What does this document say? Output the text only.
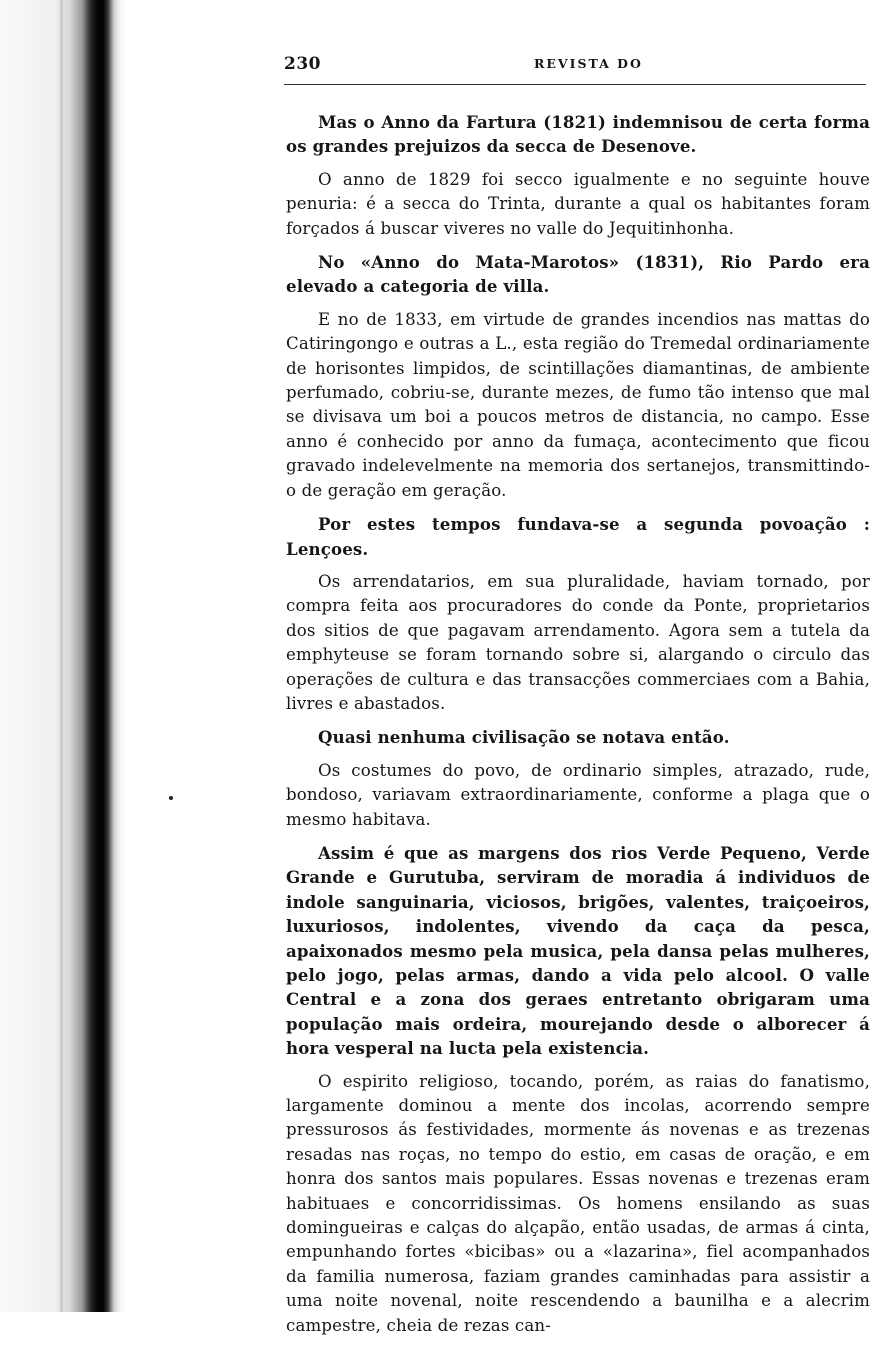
230	REVISTA DO

Mas o Anno da Fartura (1821) indemnisou de certa forma os grandes prejuizos da secca de Desenove.

O anno de 1829 foi secco igualmente e no seguinte houve penuria: é a secca do Trinta, durante a qual os habitantes foram forçados á buscar viveres no valle do Jequitinhonha.

No «Anno do Mata-Marotos» (1831), Rio Pardo era elevado a categoria de villa.

E no de 1833, em virtude de grandes incendios nas mattas do Catiringongo e outras a L., esta região do Tremedal ordinariamente de horisontes limpidos, de scintillações diamantinas, de ambiente perfumado, cobriu-se, durante mezes, de fumo tão intenso que mal se divisava um boi a poucos metros de distancia, no campo. Esse anno é conhecido por anno da fumaça, acontecimento que ficou gravado indelevelmente na memoria dos sertanejos, transmittindo-o de geração em geração.

Por estes tempos fundava-se a segunda povoação : Lençoes.

Os arrendatarios, em sua pluralidade, haviam tornado, por compra feita aos procuradores do conde da Ponte, proprietarios dos sitios de que pagavam arrendamento. Agora sem a tutela da emphyteuse se foram tornando sobre si, alargando o circulo das operações de cultura e das transacções commerciaes com a Bahia, livres e abastados.

Quasi nenhuma civilisação se notava então.

Os costumes do povo, de ordinario simples, atrazado, rude, bondoso, variavam extraordinariamente, conforme a plaga que o mesmo habitava.

Assim é que as margens dos rios Verde Pequeno, Verde Grande e Gurutuba, serviram de moradia á individuos de indole sanguinaria, viciosos, brigões, valentes, traiçoeiros, luxuriosos, indolentes, vivendo da caça da pesca, apaixonados mesmo pela musica, pela dansa pelas mulheres, pelo jogo, pelas armas, dando a vida pelo alcool. O valle Central e a zona dos geraes entretanto obrigaram uma população mais ordeira, mourejando desde o alborecer á hora vesperal na lucta pela existencia.

O espirito religioso, tocando, porém, as raias do fanatismo, largamente dominou a mente dos incolas, acorrendo sempre pressurosos ás festividades, mormente ás novenas e as trezenas resadas nas roças, no tempo do estio, em casas de oração, e em honra dos santos mais populares. Essas novenas e trezenas eram habituaes e concorridissimas. Os homens ensilando as suas domingueiras e calças do alçapão, então usadas, de armas á cinta, empunhando fortes «bicibas» ou a «lazarina», fiel acompanhados da familia numerosa, faziam grandes caminhadas para assistir a uma noite novenal, noite rescendendo a baunilha e a alecrim campestre, cheia de rezas can-
